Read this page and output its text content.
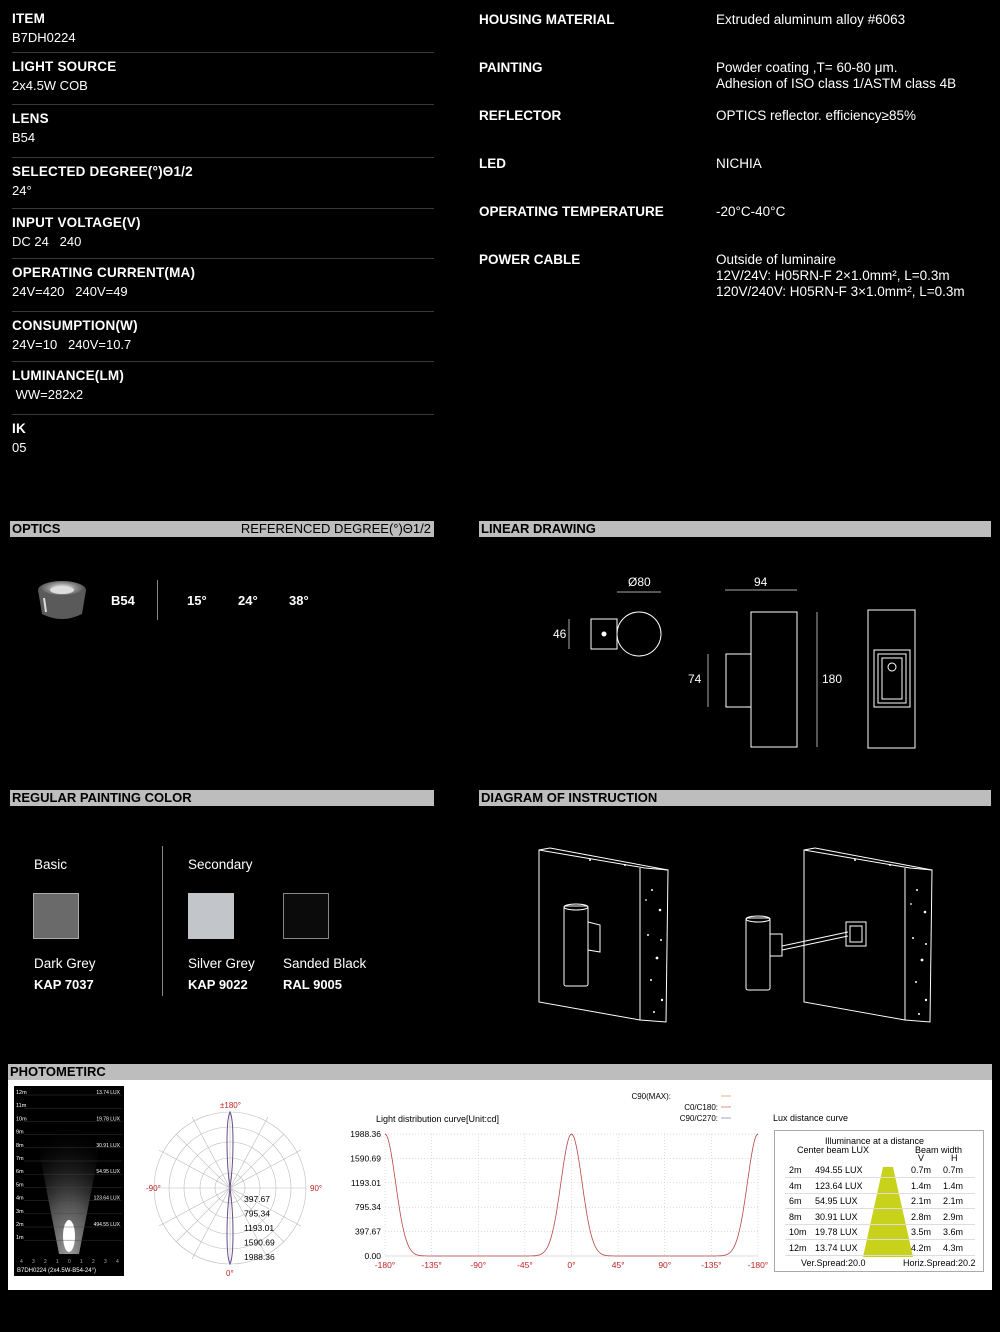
ITEM
B7DH0224
LIGHT SOURCE
2x4.5W COB
LENS
B54
SELECTED DEGREE(°)Θ1/2
24°
INPUT VOLTAGE(V)
DC 24   240
OPERATING CURRENT(MA)
24V=420   240V=49
CONSUMPTION(W)
24V=10   240V=10.7
LUMINANCE(LM)
WW=282x2
IK
05
HOUSING MATERIAL	Extruded aluminum alloy #6063
PAINTING	Powder coating ,T= 60-80 μm.
Adhesion of ISO class 1/ASTM class 4B
REFLECTOR	OPTICS reflector. efficiency≥85%
LED	NICHIA
OPERATING TEMPERATURE	-20°C-40°C
POWER CABLE	Outside of luminaire
12V/24V: H05RN-F 2×1.0mm², L=0.3m
120V/240V: H05RN-F 3×1.0mm², L=0.3m
OPTICS	REFERENCED DEGREE(°)Θ1/2
B54	15° 24° 38°
LINEAR DRAWING
Ø80	94
46
74	180
REGULAR PAINTING COLOR
Basic	Secondary
Dark Grey
KAP 7037
Silver Grey
KAP 9022
Sanded Black
RAL 9005
DIAGRAM OF INSTRUCTION
PHOTOMETIRC
12m
11m
10m
9m
8m
7m
6m
5m
4m
3m
2m
1m
13.74 LUX
19.78 LUX
30.91 LUX
54.95 LUX
123.64 LUX
494.55 LUX
4 3 2 1 0 1 2 3 4
B7DH0224 (2x4.5W-B54-24°)
±180°
-90°	90°
0°
397.67
795.34
1193.01
1590.69
1988.36
Light distribution curve[Unit:cd]
C90(MAX):
C0/C180:
C90/C270:
1988.36
1590.69
1193.01
795.34
397.67
0.00
-180°	-135°	-90°	-45°	0°	45°	90°	-135°	-180°
Lux distance curve
Illuminance at a distance
Center beam LUX	Beam width
V	H
2m 494.55 LUX	0.7m 0.7m
4m 123.64 LUX	1.4m 1.4m
6m 54.95 LUX	2.1m 2.1m
8m 30.91 LUX	2.8m 2.9m
10m 19.78 LUX	3.5m 3.6m
12m 13.74 LUX	4.2m 4.3m
Ver.Spread:20.0	Horiz.Spread:20.2
